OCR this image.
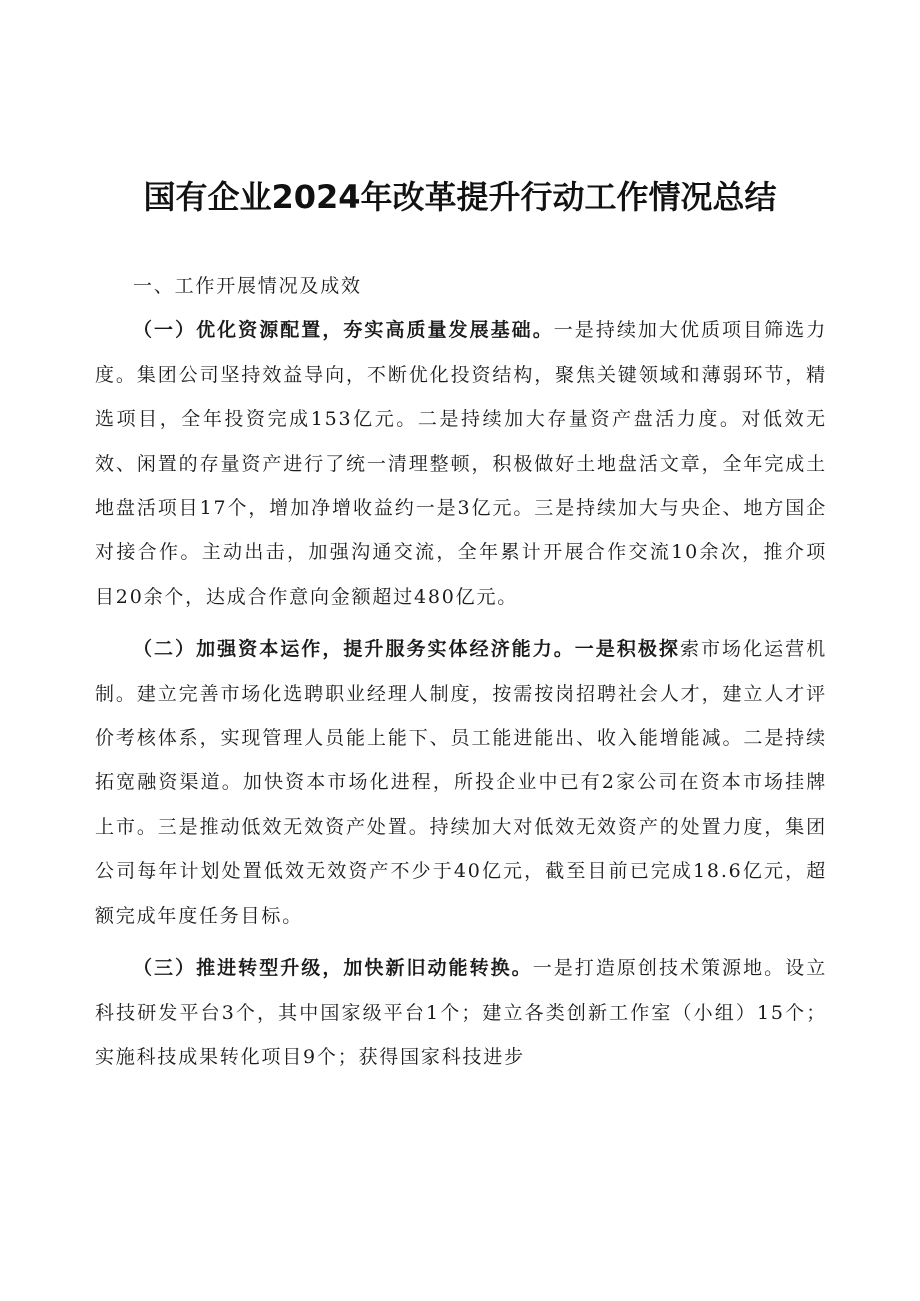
国有企业2024年改革提升行动工作情况总结

一、工作开展情况及成效

（一）优化资源配置，夯实高质量发展基础。一是持续加大优质项目筛选力度。集团公司坚持效益导向，不断优化投资结构，聚焦关键领域和薄弱环节，精选项目，全年投资完成153亿元。二是持续加大存量资产盘活力度。对低效无效、闲置的存量资产进行了统一清理整顿，积极做好土地盘活文章，全年完成土地盘活项目17个，增加净增收益约一是3亿元。三是持续加大与央企、地方国企对接合作。主动出击，加强沟通交流，全年累计开展合作交流10余次，推介项目20余个，达成合作意向金额超过480亿元。

（二）加强资本运作，提升服务实体经济能力。一是积极探索市场化运营机制。建立完善市场化选聘职业经理人制度，按需按岗招聘社会人才，建立人才评价考核体系，实现管理人员能上能下、员工能进能出、收入能增能减。二是持续拓宽融资渠道。加快资本市场化进程，所投企业中已有2家公司在资本市场挂牌上市。三是推动低效无效资产处置。持续加大对低效无效资产的处置力度，集团公司每年计划处置低效无效资产不少于40亿元，截至目前已完成18.6亿元，超额完成年度任务目标。

（三）推进转型升级，加快新旧动能转换。一是打造原创技术策源地。设立科技研发平台3个，其中国家级平台1个；建立各类创新工作室（小组）15个；实施科技成果转化项目9个；获得国家科技进步
